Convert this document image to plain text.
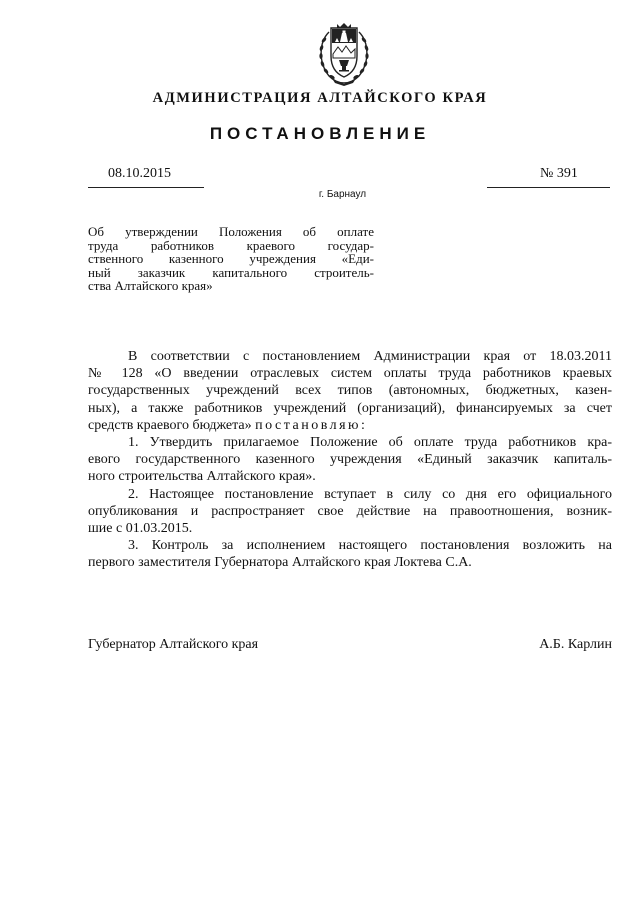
АДМИНИСТРАЦИЯ АЛТАЙСКОГО КРАЯ
ПОСТАНОВЛЕНИЕ
08.10.2015	№ 391
г. Барнаул
Об утверждении Положения об оплате
труда работников краевого государ-
ственного казенного учреждения «Еди-
ный заказчик капитального строитель-
ства Алтайского края»
В соответствии с постановлением Администрации края от 18.03.2011
№ 128 «О введении отраслевых систем оплаты труда работников краевых
государственных учреждений всех типов (автономных, бюджетных, казен-
ных), а также работников учреждений (организаций), финансируемых за счет
средств краевого бюджета» постановляю:
1. Утвердить прилагаемое Положение об оплате труда работников кра-
евого государственного казенного учреждения «Единый заказчик капиталь-
ного строительства Алтайского края».
2. Настоящее постановление вступает в силу со дня его официального
опубликования и распространяет свое действие на правоотношения, возник-
шие с 01.03.2015.
3. Контроль за исполнением настоящего постановления возложить на
первого заместителя Губернатора Алтайского края Локтева С.А.
Губернатор Алтайского края	А.Б. Карлин
